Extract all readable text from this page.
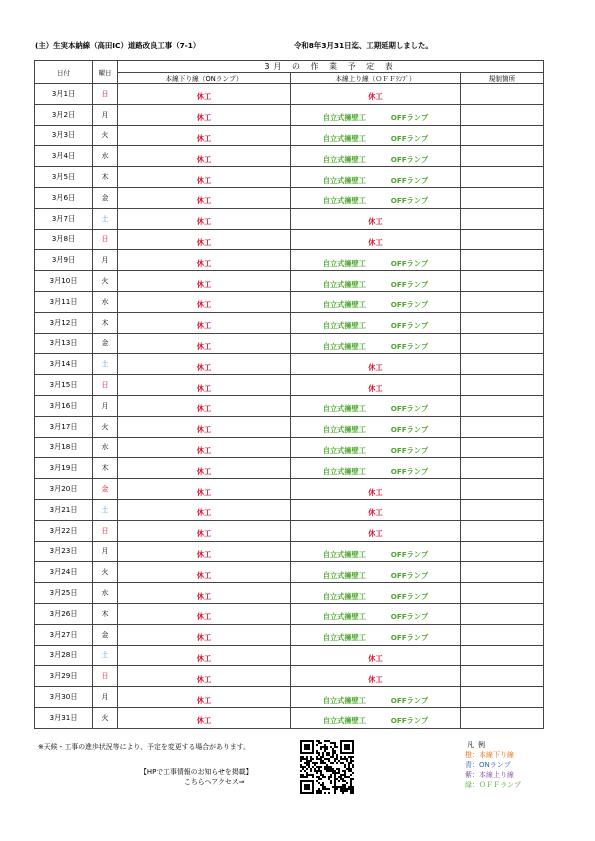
(主）生実本納線（高田IC）道路改良工事（7-1）	令和8年3月31日迄、工期延期しました。
日付	曜日	3月 の 作 業 予 定 表		
		本線下り線（ONランプ）	本線上り線（ＯＦＦﾗﾝﾌﾟ）	規制箇所
3月1日	日	休工	休工	
3月2日	月	休工	自立式擁壁工 OFFランプ	
3月3日	火	休工	自立式擁壁工 OFFランプ	
3月4日	水	休工	自立式擁壁工 OFFランプ	
3月5日	木	休工	自立式擁壁工 OFFランプ	
3月6日	金	休工	自立式擁壁工 OFFランプ	
3月7日	土	休工	休工	
3月8日	日	休工	休工	
3月9日	月	休工	自立式擁壁工 OFFランプ	
3月10日	火	休工	自立式擁壁工 OFFランプ	
3月11日	水	休工	自立式擁壁工 OFFランプ	
3月12日	木	休工	自立式擁壁工 OFFランプ	
3月13日	金	休工	自立式擁壁工 OFFランプ	
3月14日	土	休工	休工	
3月15日	日	休工	休工	
3月16日	月	休工	自立式擁壁工 OFFランプ	
3月17日	火	休工	自立式擁壁工 OFFランプ	
3月18日	水	休工	自立式擁壁工 OFFランプ	
3月19日	木	休工	自立式擁壁工 OFFランプ	
3月20日	金	休工	休工	
3月21日	土	休工	休工	
3月22日	日	休工	休工	
3月23日	月	休工	自立式擁壁工 OFFランプ	
3月24日	火	休工	自立式擁壁工 OFFランプ	
3月25日	水	休工	自立式擁壁工 OFFランプ	
3月26日	木	休工	自立式擁壁工 OFFランプ	
3月27日	金	休工	自立式擁壁工 OFFランプ	
3月28日	土	休工	休工	
3月29日	日	休工	休工	
3月30日	月	休工	自立式擁壁工 OFFランプ	
3月31日	火	休工	自立式擁壁工 OFFランプ	
※天候・工事の進歩状況等により、予定を変更する場合があります。
【HPで工事情報のお知らせを掲載】
こちらへアクセス⇒
凡例
橙：本線下り線
青：ONランプ
紫：本線上り線
緑：ＯＦＦランプ
